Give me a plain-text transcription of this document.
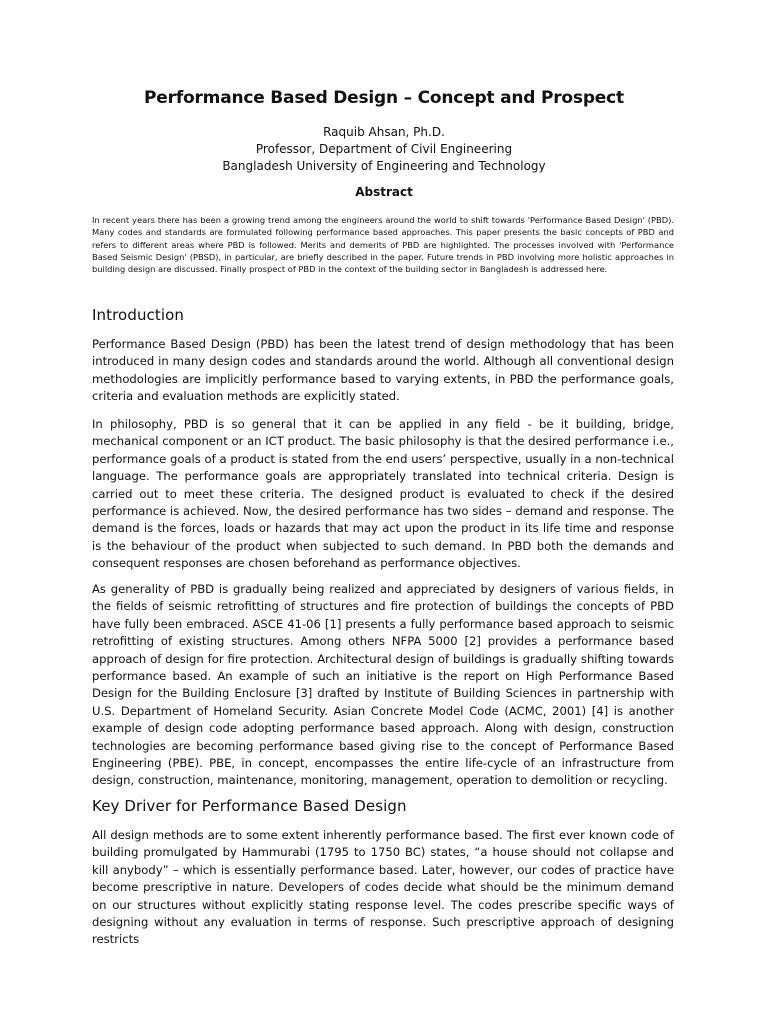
Performance Based Design – Concept and Prospect
Raquib Ahsan, Ph.D.
Professor, Department of Civil Engineering
Bangladesh University of Engineering and Technology
Abstract

In recent years there has been a growing trend among the engineers around the world to shift towards 'Performance Based Design' (PBD). Many codes and standards are formulated following performance based approaches. This paper presents the basic concepts of PBD and refers to different areas where PBD is followed. Merits and demerits of PBD are highlighted. The processes involved with 'Performance Based Seismic Design' (PBSD), in particular, are briefly described in the paper. Future trends in PBD involving more holistic approaches in building design are discussed. Finally prospect of PBD in the context of the building sector in Bangladesh is addressed here.

Introduction

Performance Based Design (PBD) has been the latest trend of design methodology that has been introduced in many design codes and standards around the world. Although all conventional design methodologies are implicitly performance based to varying extents, in PBD the performance goals, criteria and evaluation methods are explicitly stated.

In philosophy, PBD is so general that it can be applied in any field - be it building, bridge, mechanical component or an ICT product. The basic philosophy is that the desired performance i.e., performance goals of a product is stated from the end users’ perspective, usually in a non-technical language. The performance goals are appropriately translated into technical criteria. Design is carried out to meet these criteria. The designed product is evaluated to check if the desired performance is achieved. Now, the desired performance has two sides – demand and response. The demand is the forces, loads or hazards that may act upon the product in its life time and response is the behaviour of the product when subjected to such demand. In PBD both the demands and consequent responses are chosen beforehand as performance objectives.

As generality of PBD is gradually being realized and appreciated by designers of various fields, in the fields of seismic retrofitting of structures and fire protection of buildings the concepts of PBD have fully been embraced. ASCE 41-06 [1] presents a fully performance based approach to seismic retrofitting of existing structures. Among others NFPA 5000 [2] provides a performance based approach of design for fire protection. Architectural design of buildings is gradually shifting towards performance based. An example of such an initiative is the report on High Performance Based Design for the Building Enclosure [3] drafted by Institute of Building Sciences in partnership with U.S. Department of Homeland Security. Asian Concrete Model Code (ACMC, 2001) [4] is another example of design code adopting performance based approach. Along with design, construction technologies are becoming performance based giving rise to the concept of Performance Based Engineering (PBE). PBE, in concept, encompasses the entire life-cycle of an infrastructure from design, construction, maintenance, monitoring, management, operation to demolition or recycling.

Key Driver for Performance Based Design

All design methods are to some extent inherently performance based. The first ever known code of building promulgated by Hammurabi (1795 to 1750 BC) states, “a house should not collapse and kill anybody” – which is essentially performance based. Later, however, our codes of practice have become prescriptive in nature. Developers of codes decide what should be the minimum demand on our structures without explicitly stating response level. The codes prescribe specific ways of designing without any evaluation in terms of response. Such prescriptive approach of designing restricts
